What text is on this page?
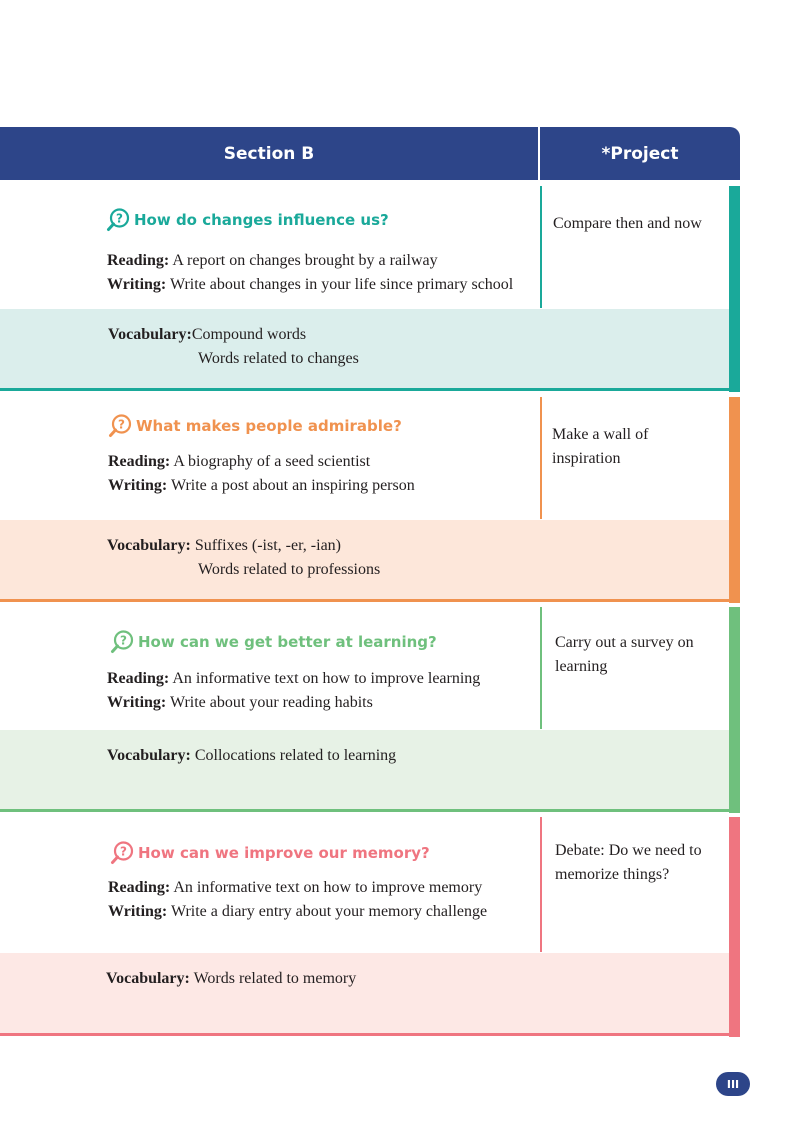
Section B	*Project
? How do changes influence us?
Reading: A report on changes brought by a railway
Writing: Write about changes in your life since primary school
Compare then and now
Vocabulary:Compound words
Words related to changes
? What makes people admirable?
Reading: A biography of a seed scientist
Writing: Write a post about an inspiring person
Make a wall of inspiration
Vocabulary: Suffixes (-ist, -er, -ian)
Words related to professions
? How can we get better at learning?
Reading: An informative text on how to improve learning
Writing: Write about your reading habits
Carry out a survey on learning
Vocabulary: Collocations related to learning
? How can we improve our memory?
Reading: An informative text on how to improve memory
Writing: Write a diary entry about your memory challenge
Debate: Do we need to memorize things?
Vocabulary: Words related to memory
III
